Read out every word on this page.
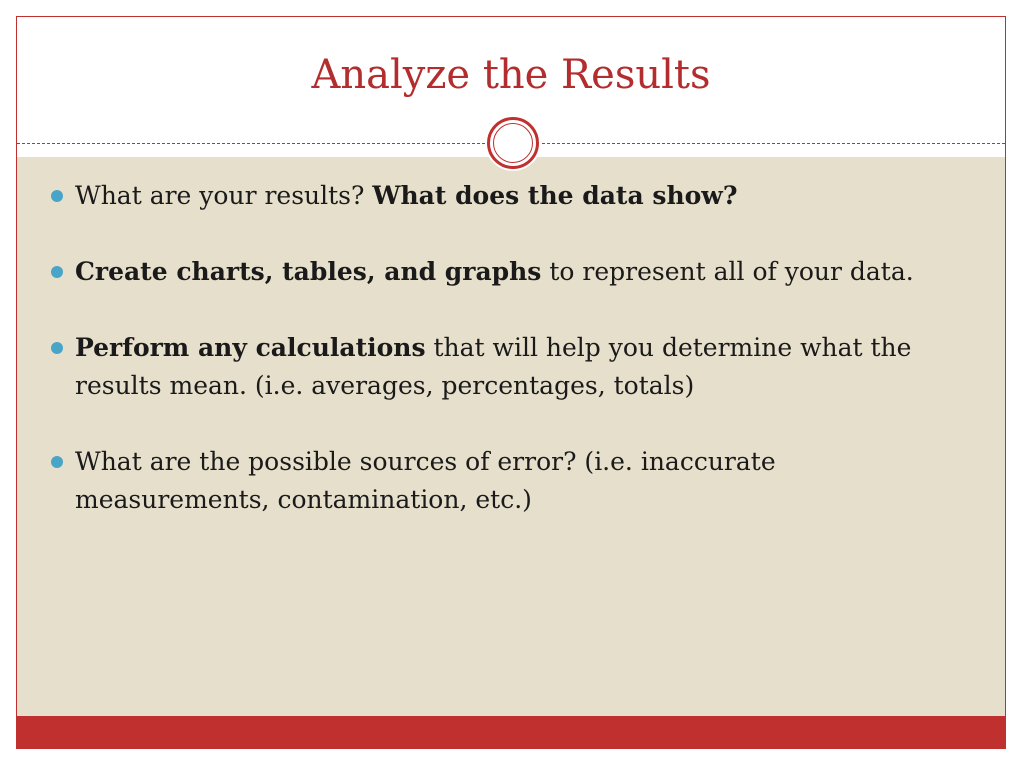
Analyze the Results
What are your results? What does the data show?
Create charts, tables, and graphs to represent all of your data.
Perform any calculations that will help you determine what the results mean. (i.e. averages, percentages, totals)
What are the possible sources of error? (i.e. inaccurate measurements, contamination, etc.)
